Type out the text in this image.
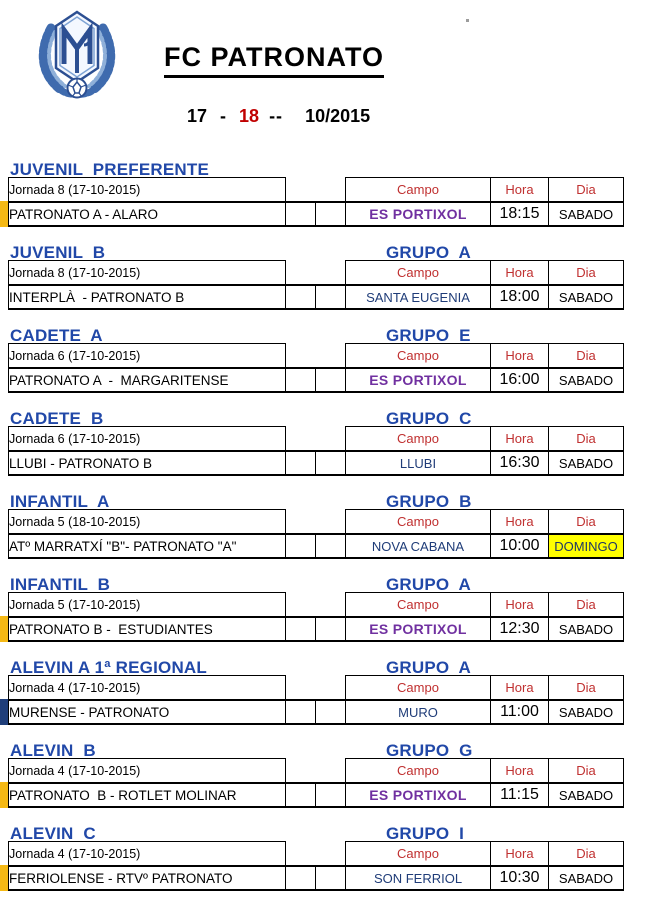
FC PATRONATO
17 - 18 -- 10/2015
JUVENIL  PREFERENTE
Jornada 8 (17-10-2015)			Campo	Hora	Dia
PATRONATO A - ALARO			ES PORTIXOL	18:15	SABADO
JUVENIL  B	GRUPO  A
Jornada 8 (17-10-2015)			Campo	Hora	Dia
INTERPLÀ  - PATRONATO B			SANTA EUGENIA	18:00	SABADO
CADETE  A	GRUPO  E
Jornada 6 (17-10-2015)			Campo	Hora	Dia
PATRONATO A  -  MARGARITENSE			ES PORTIXOL	16:00	SABADO
CADETE  B	GRUPO  C
Jornada 6 (17-10-2015)			Campo	Hora	Dia
LLUBI - PATRONATO B			LLUBI	16:30	SABADO
INFANTIL  A	GRUPO  B
Jornada 5 (18-10-2015)			Campo	Hora	Dia
ATº MARRATXÍ "B"- PATRONATO "A"			NOVA CABANA	10:00	DOMINGO
INFANTIL  B	GRUPO  A
Jornada 5 (17-10-2015)			Campo	Hora	Dia
PATRONATO B -  ESTUDIANTES			ES PORTIXOL	12:30	SABADO
ALEVIN A 1ª REGIONAL	GRUPO  A
Jornada 4 (17-10-2015)			Campo	Hora	Dia
MURENSE - PATRONATO			MURO	11:00	SABADO
ALEVIN  B	GRUPO  G
Jornada 4 (17-10-2015)			Campo	Hora	Dia
PATRONATO  B - ROTLET MOLINAR			ES PORTIXOL	11:15	SABADO
ALEVIN  C	GRUPO  I
Jornada 4 (17-10-2015)			Campo	Hora	Dia
FERRIOLENSE - RTVº PATRONATO			SON FERRIOL	10:30	SABADO
